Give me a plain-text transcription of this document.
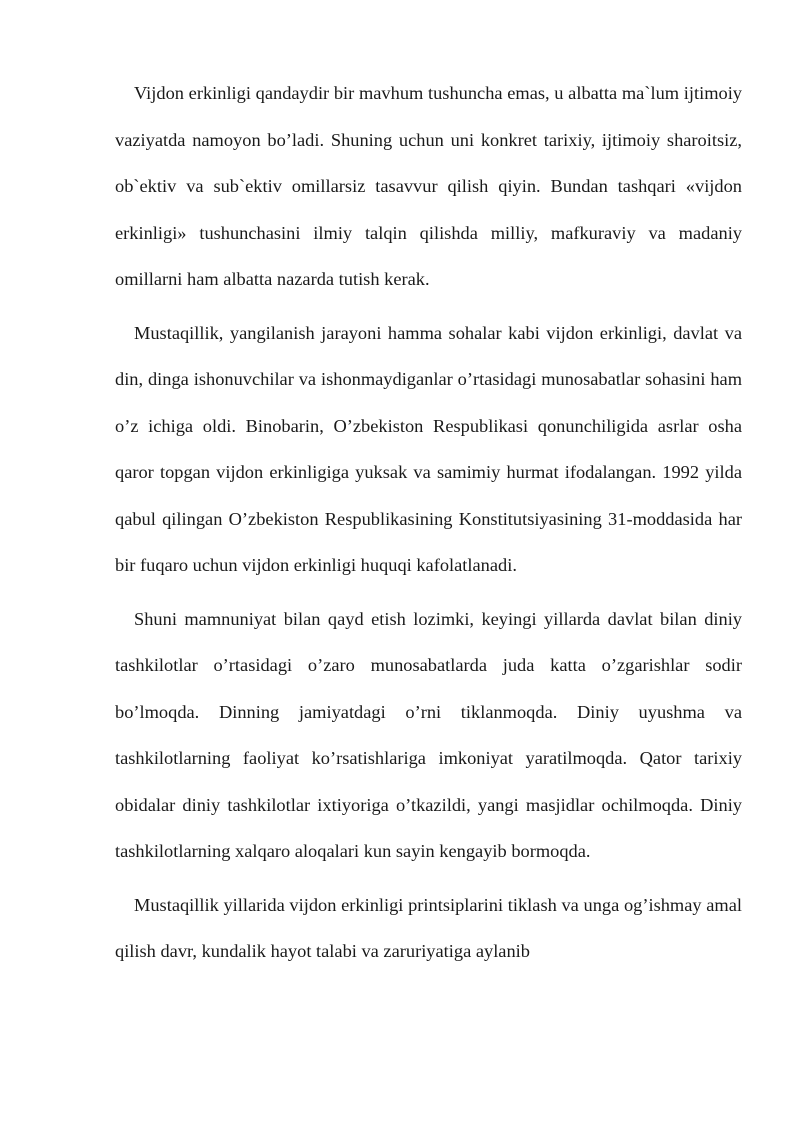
Vijdon erkinligi qandaydir bir mavhum tushuncha emas, u albatta ma`lum ijtimoiy vaziyatda namoyon bo’ladi. Shuning uchun uni konkret tarixiy, ijtimoiy sharoitsiz, ob`ektiv va sub`ektiv omillarsiz tasavvur qilish qiyin. Bundan tashqari «vijdon erkinligi» tushunchasini ilmiy talqin qilishda milliy, mafkuraviy va madaniy omillarni ham albatta nazarda tutish kerak.

Mustaqillik, yangilanish jarayoni hamma sohalar kabi vijdon erkinligi, davlat va din, dinga ishonuvchilar va ishonmaydiganlar o’rtasidagi munosabatlar sohasini ham o’z ichiga oldi. Binobarin, O’zbekiston Respublikasi qonunchiligida asrlar osha qaror topgan vijdon erkinligiga yuksak va samimiy hurmat ifodalangan. 1992 yilda qabul qilingan O’zbekiston Respublikasining Konstitutsiyasining 31-moddasida har bir fuqaro uchun vijdon erkinligi huquqi kafolatlanadi.

Shuni mamnuniyat bilan qayd etish lozimki, keyingi yillarda davlat bilan diniy tashkilotlar o’rtasidagi o’zaro munosabatlarda juda katta o’zgarishlar sodir bo’lmoqda. Dinning jamiyatdagi o’rni tiklanmoqda. Diniy uyushma va tashkilotlarning faoliyat ko’rsatishlariga imkoniyat yaratilmoqda. Qator tarixiy obidalar diniy tashkilotlar ixtiyoriga o’tkazildi, yangi masjidlar ochilmoqda. Diniy tashkilotlarning xalqaro aloqalari kun sayin kengayib bormoqda.

Mustaqillik yillarida vijdon erkinligi printsiplarini tiklash va unga og’ishmay amal qilish davr, kundalik hayot talabi va zaruriyatiga aylanib
